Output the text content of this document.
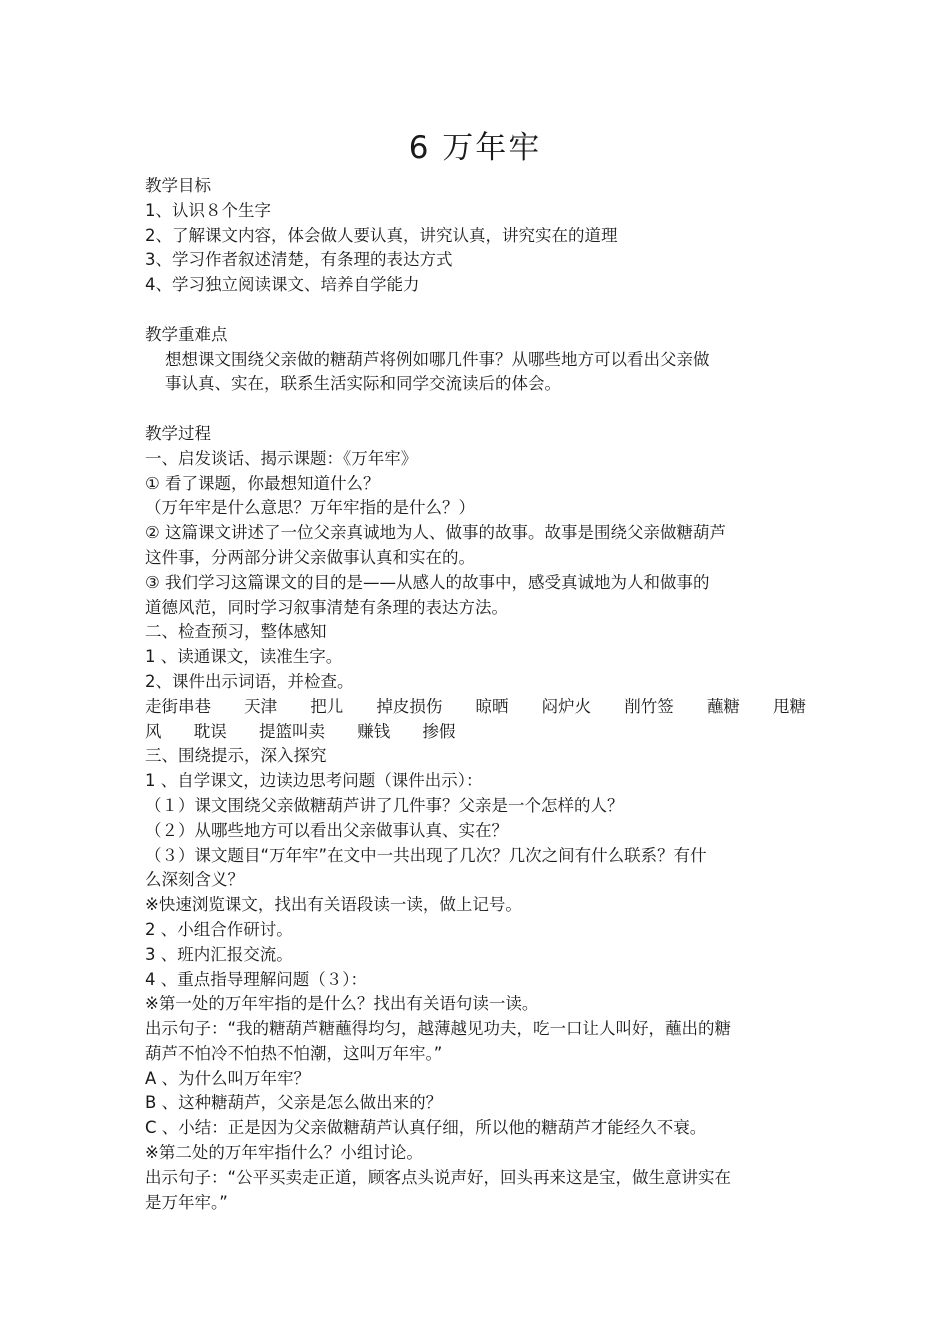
6 万年牢
教学目标
1、认识８个生字
2、了解课文内容，体会做人要认真，讲究认真，讲究实在的道理
3、学习作者叙述清楚，有条理的表达方式
4、学习独立阅读课文、培养自学能力
教学重难点
想想课文围绕父亲做的糖葫芦将例如哪几件事？从哪些地方可以看出父亲做
事认真、实在，联系生活实际和同学交流读后的体会。
教学过程
一、启发谈话、揭示课题：《万年牢》
① 看了课题，你最想知道什么？
（万年牢是什么意思？万年牢指的是什么？）
② 这篇课文讲述了一位父亲真诚地为人、做事的故事。故事是围绕父亲做糖葫芦
这件事，分两部分讲父亲做事认真和实在的。
③ 我们学习这篇课文的目的是——从感人的故事中，感受真诚地为人和做事的
道德风范，同时学习叙事清楚有条理的表达方法。
二、检查预习，整体感知
1 、读通课文，读准生字。
2、课件出示词语，并检查。
走街串巷 天津 把儿 掉皮损伤 晾晒 闷炉火 削竹签 蘸糖 甩糖
风 耽误 提篮叫卖 赚钱 掺假
三、围绕提示，深入探究
1 、自学课文，边读边思考问题（课件出示）：
（１）课文围绕父亲做糖葫芦讲了几件事？父亲是一个怎样的人？
（２）从哪些地方可以看出父亲做事认真、实在？
（３）课文题目“万年牢”在文中一共出现了几次？几次之间有什么联系？有什
么深刻含义？
※快速浏览课文，找出有关语段读一读，做上记号。
2 、小组合作研讨。
3 、班内汇报交流。
4 、重点指导理解问题（３）：
※第一处的万年牢指的是什么？找出有关语句读一读。
出示句子：“我的糖葫芦糖蘸得均匀，越薄越见功夫，吃一口让人叫好，蘸出的糖
葫芦不怕冷不怕热不怕潮，这叫万年牢。”
A 、为什么叫万年牢？
B 、这种糖葫芦，父亲是怎么做出来的？
C 、小结：正是因为父亲做糖葫芦认真仔细，所以他的糖葫芦才能经久不衰。
※第二处的万年牢指什么？小组讨论。
出示句子：“公平买卖走正道，顾客点头说声好，回头再来这是宝，做生意讲实在
是万年牢。”
